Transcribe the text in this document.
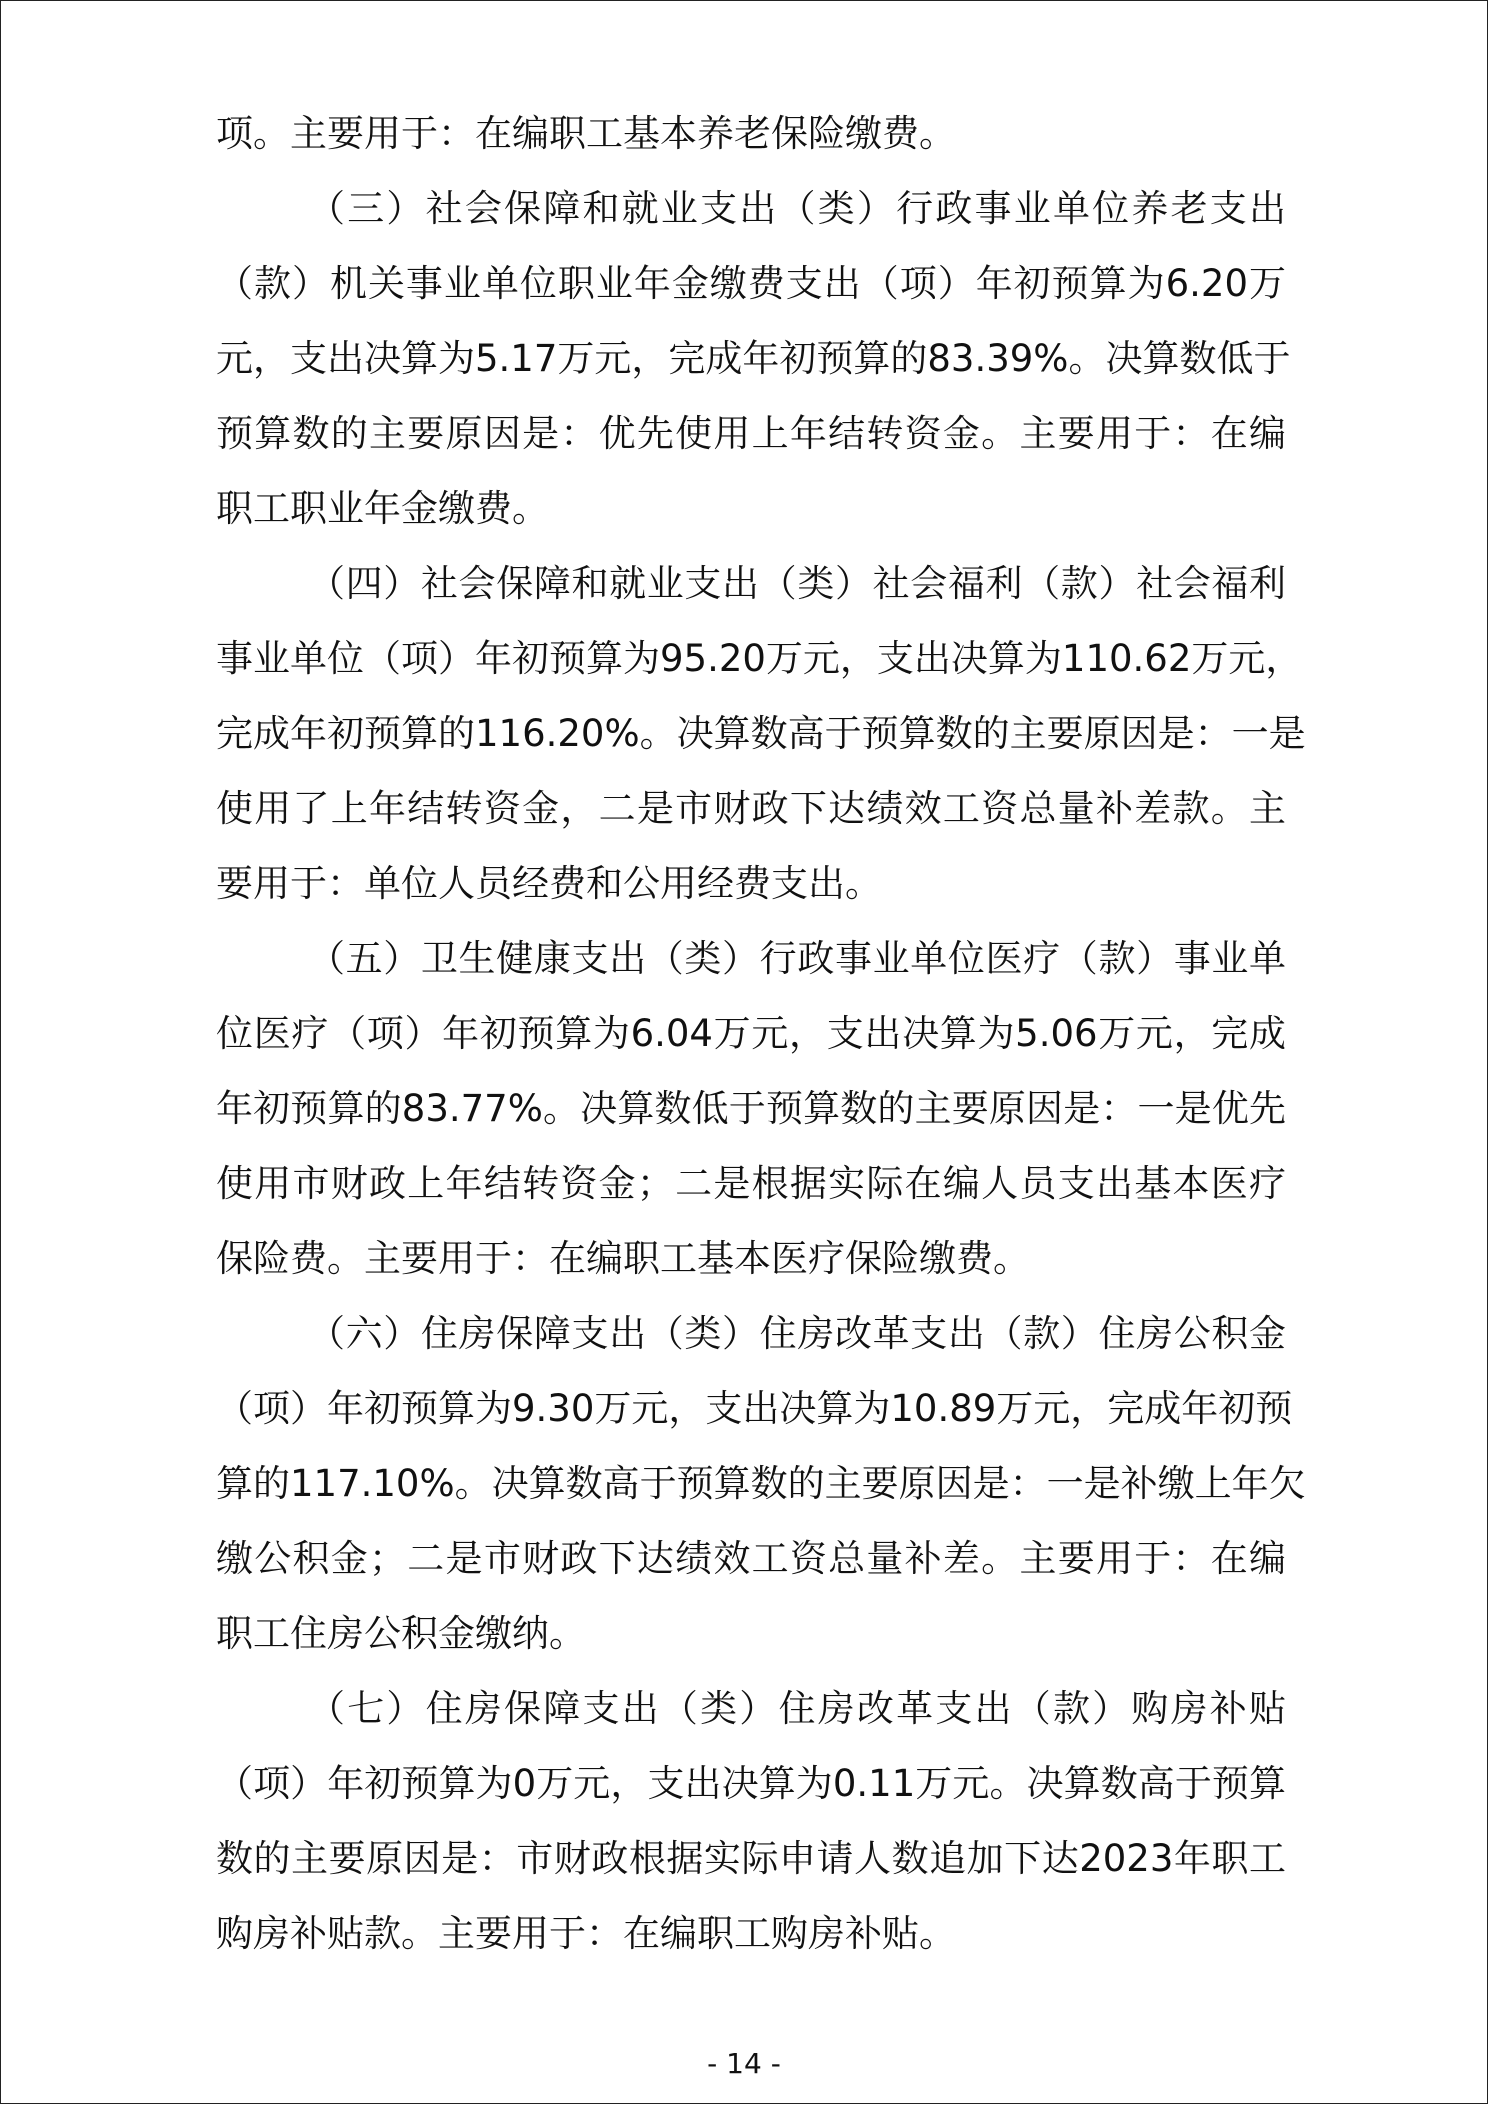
项。主要用于：在编职工基本养老保险缴费。
（三）社会保障和就业支出（类）行政事业单位养老支出
（款）机关事业单位职业年金缴费支出（项）年初预算为6.20万
元，支出决算为5.17万元，完成年初预算的83.39%。决算数低于
预算数的主要原因是：优先使用上年结转资金。主要用于：在编
职工职业年金缴费。
（四）社会保障和就业支出（类）社会福利（款）社会福利
事业单位（项）年初预算为95.20万元，支出决算为110.62万元，
完成年初预算的116.20%。决算数高于预算数的主要原因是：一是
使用了上年结转资金，二是市财政下达绩效工资总量补差款。主
要用于：单位人员经费和公用经费支出。
（五）卫生健康支出（类）行政事业单位医疗（款）事业单
位医疗（项）年初预算为6.04万元，支出决算为5.06万元，完成
年初预算的83.77%。决算数低于预算数的主要原因是：一是优先
使用市财政上年结转资金；二是根据实际在编人员支出基本医疗
保险费。主要用于：在编职工基本医疗保险缴费。
（六）住房保障支出（类）住房改革支出（款）住房公积金
（项）年初预算为9.30万元，支出决算为10.89万元，完成年初预
算的117.10%。决算数高于预算数的主要原因是：一是补缴上年欠
缴公积金；二是市财政下达绩效工资总量补差。主要用于：在编
职工住房公积金缴纳。
（七）住房保障支出（类）住房改革支出（款）购房补贴
（项）年初预算为0万元，支出决算为0.11万元。决算数高于预算
数的主要原因是：市财政根据实际申请人数追加下达2023年职工
购房补贴款。主要用于：在编职工购房补贴。
- 14 -
